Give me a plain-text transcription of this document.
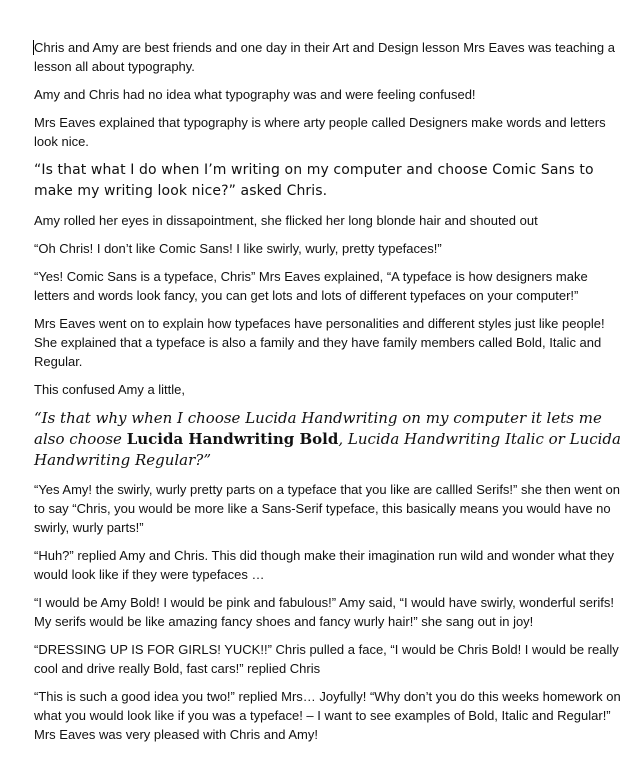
Chris and Amy are best friends and one day in their Art and Design lesson Mrs Eaves was teaching a lesson all about typography.

Amy and Chris had no idea what typography was and were feeling confused!

Mrs Eaves explained that typography is where arty people called Designers make words and letters look nice.

“Is that what I do when I’m writing on my computer and choose Comic Sans to make my writing look nice?” asked Chris.

Amy rolled her eyes in dissapointment, she flicked her long blonde hair and shouted out

“Oh Chris! I don’t like Comic Sans! I like swirly, wurly, pretty typefaces!”

“Yes! Comic Sans is a typeface, Chris” Mrs Eaves explained, “A typeface is how designers make letters and words look fancy, you can get lots and lots of different typefaces on your computer!”

Mrs Eaves went on to explain how typefaces have personalities and different styles just like people! She explained that a typeface is also a family and they have family members called Bold, Italic and Regular.

This confused Amy a little,

“Is that why when I choose Lucida Handwriting on my computer it lets me also choose Lucida Handwriting Bold, Lucida Handwriting Italic or Lucida Handwriting Regular?”

“Yes Amy! the swirly, wurly pretty parts on a typeface that you like are callled Serifs!” she then went on to say “Chris, you would be more like a Sans-Serif typeface, this basically means you would have no swirly, wurly parts!”

“Huh?” replied Amy and Chris. This did though make their imagination run wild and wonder what they would look like if they were typefaces …

“I would be Amy Bold! I would be pink and fabulous!” Amy said, “I would have swirly, wonderful serifs! My serifs would be like amazing fancy shoes and fancy wurly hair!” she sang out in joy!

“DRESSING UP IS FOR GIRLS! YUCK!!” Chris pulled a face, “I would be Chris Bold! I would be really cool and drive really Bold, fast cars!” replied Chris

“This is such a good idea you two!” replied Mrs… Joyfully! “Why don’t you do this weeks homework on what you would look like if you was a typeface! – I want to see examples of Bold, Italic and Regular!” Mrs Eaves was very pleased with Chris and Amy!
